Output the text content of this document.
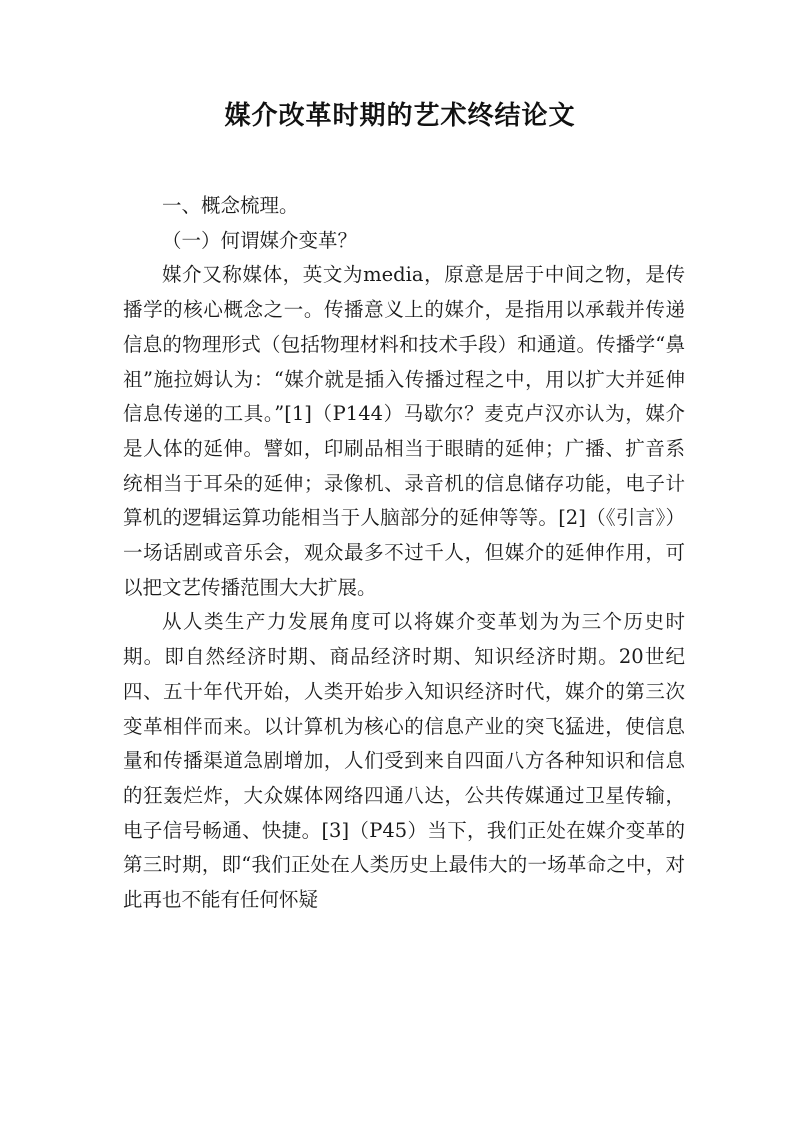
媒介改革时期的艺术终结论文

一、概念梳理。

（一）何谓媒介变革？

媒介又称媒体，英文为media，原意是居于中间之物，是传播学的核心概念之一。传播意义上的媒介，是指用以承载并传递信息的物理形式（包括物理材料和技术手段）和通道。传播学“鼻祖”施拉姆认为：“媒介就是插入传播过程之中，用以扩大并延伸信息传递的工具。”[1]（P144）马歇尔？麦克卢汉亦认为，媒介是人体的延伸。譬如，印刷品相当于眼睛的延伸；广播、扩音系统相当于耳朵的延伸；录像机、录音机的信息储存功能，电子计算机的逻辑运算功能相当于人脑部分的延伸等等。[2]（《引言》）一场话剧或音乐会，观众最多不过千人，但媒介的延伸作用，可以把文艺传播范围大大扩展。

从人类生产力发展角度可以将媒介变革划为为三个历史时期。即自然经济时期、商品经济时期、知识经济时期。20世纪四、五十年代开始，人类开始步入知识经济时代，媒介的第三次变革相伴而来。以计算机为核心的信息产业的突飞猛进，使信息量和传播渠道急剧增加，人们受到来自四面八方各种知识和信息的狂轰烂炸，大众媒体网络四通八达，公共传媒通过卫星传输，电子信号畅通、快捷。[3]（P45）当下，我们正处在媒介变革的第三时期，即“我们正处在人类历史上最伟大的一场革命之中，对此再也不能有任何怀疑
